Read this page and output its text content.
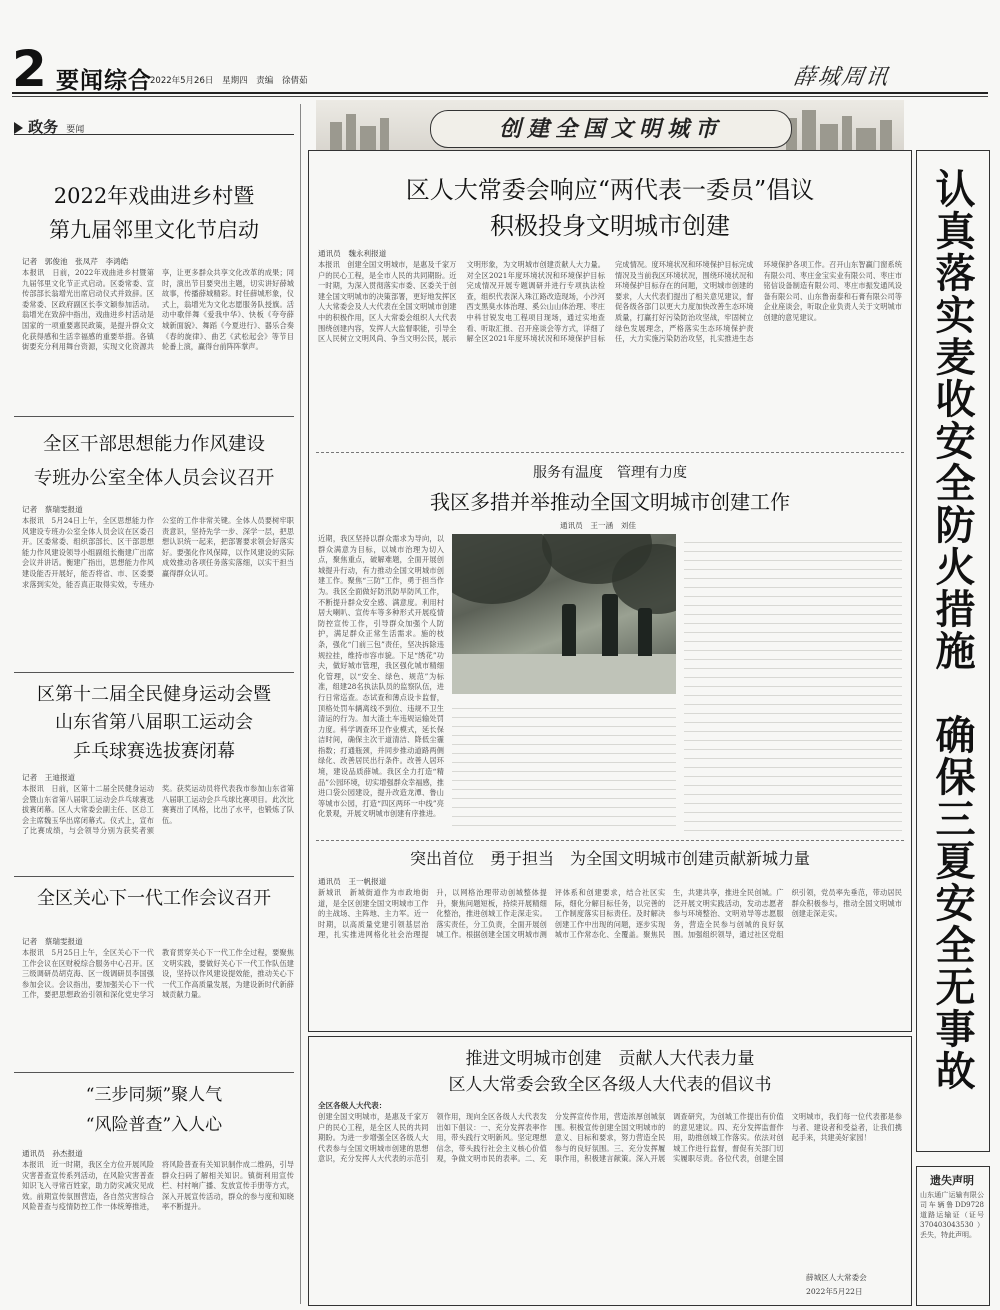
2 要闻综合
2022年5月26日 星期四 责编 徐倩茹	薛城周讯
政务 要闻
2022年戏曲进乡村暨
第九届邻里文化节启动
记者　郭俊池　张凤芹　李鸿皓
本报讯　日前，2022年戏曲进乡村暨第九届邻里文化节正式启动。区委常委、宣传部部长翁增光出席启动仪式并致辞。区委常委、区政府副区长李文颖参加活动。翁增光在致辞中指出，戏曲进乡村活动是国家的一项重要惠民政策，是提升群众文化获得感和生活幸福感的重要举措。各镇街要充分利用舞台资源，实现文化资源共享，让更多群众共享文化改革的成果；同时，演出节目要突出主题，切实讲好薛城故事，传播薛城精彩。时任薛城形象，仪式上，翁增光为文化志愿服务队授旗。活动中歌伴舞《爱我中华》、快板《夸夸薛城新面貌》、舞蹈《今夏进行》、器乐合奏《春的旋律》、曲艺《武松起会》等节目轮番上演，赢得台前阵阵掌声。
全区干部思想能力作风建设
专班办公室全体人员会议召开
记者　蔡瑞雯报道
本报讯　5月24日上午，全区思想能力作风建设专班办公室全体人员会议在区委召开。区委常委、组织部部长、区干部思想能力作风建设领导小组副组长衡建广出席会议并讲话。衡建广指出，思想能力作风建设能否开展好，能否将省、市、区委要求落到实处，能否真正取得实效，专班办公室的工作非常关键。全体人员要树牢职责意识，坚持先学一步、深学一层，把思想认识统一起来，把部署要求领会好落实好。要强化作风保障，以作风建设的实际成效推动各项任务落实落细，以实干担当赢得群众认可。
区第十二届全民健身运动会暨
山东省第八届职工运动会
乒乓球赛选拔赛闭幕
记者　王迪报道
本报讯　日前，区第十二届全民健身运动会暨山东省第八届职工运动会乒乓球赛选拔赛闭幕。区人大常委会副主任、区总工会主席魏玉华出席闭幕式。仪式上，宣布了比赛成绩，与会领导分别为获奖者颁奖。获奖运动员将代表我市参加山东省第八届职工运动会乒乓球比赛项目。此次比赛赛出了风格，比出了水平，也锻炼了队伍。
全区关心下一代工作会议召开
记者　蔡瑞雯报道
本报讯　5月25日上午，全区关心下一代工作会议在区财税综合服务中心召开。区三级调研员胡克海、区一级调研员李国强参加会议。会议指出，要加强关心下一代工作，要把思想政治引领和深化党史学习教育贯穿关心下一代工作全过程，要聚焦文明实践，要做好关心下一代工作队伍建设，坚持以作风建设提效能，推动关心下一代工作高质量发展，为建设新时代新薛城贡献力量。
“三步同频”聚人气
“风险普查”入人心
通讯员　孙杰报道
本报讯　近一时期，我区全方位开展风险灾害普查宣传系列活动，在风险灾害普查知识飞入寻常百姓家，助力防灾减灾见成效。前期宣传氛围营造，各自然灾害综合风险普查与疫情防控工作一体统筹推进，将风险普查有关知识制作成二维码，引导群众扫码了解相关知识。镇街利用宣传栏、村村响广播、发放宣传手册等方式，深入开展宣传活动，群众的参与度和知晓率不断提升。
创建全国文明城市
区人大常委会响应“两代表一委员”倡议
积极投身文明城市创建
通讯员　魏永利报道
本报讯　创建全国文明城市，是惠及千家万户的民心工程，是全市人民的共同期盼。近一时期，为深入贯彻落实市委、区委关于创建全国文明城市的决策部署，更好地发挥区人大常委会及人大代表在全国文明城市创建中的积极作用，区人大常委会组织人大代表围绕创建内容，发挥人大监督职能，引导全区人民树立文明风尚、争当文明公民，展示文明形象，为文明城市创建贡献人大力量。对全区2021年度环境状况和环境保护目标完成情况开展专题调研并进行专项执法检查，组织代表深入珠江路改造现场，小沙河西支黑臭水体治理、奚公山山体治理、枣庄中科甘锐发电工程项目现场，通过实地查看、听取汇报、召开座谈会等方式，详细了解全区2021年度环境状况和环境保护目标完成情况。度环境状况和环境保护目标完成情况及当前我区环境状况，围绕环境状况和环境保护目标存在的问题，文明城市创建的要求，人大代表们提出了相关意见建议，督促各级各部门以更大力度加快改善生态环境质量，打赢打好污染防治攻坚战，牢固树立绿色发展理念，严格落实生态环境保护责任，大力实施污染防治攻坚，扎实推进生态环境保护各项工作。召开山东智赢门窗系统有限公司、枣庄金宝实业有限公司、枣庄市铭信设备制造有限公司、枣庄市振发通风设备有限公司、山东鲁南泰和石膏有限公司等企业座谈会，听取企业负责人关于文明城市创建的意见建议。
服务有温度　管理有力度
我区多措并举推动全国文明城市创建工作
通讯员　王一涵　刘佳
近期，我区坚持以群众需求为导向，以群众满意为目标，以城市治理为切入点，聚焦重点，破解难题，全面开展创城提升行动，有力推动全国文明城市创建工作。聚焦“三防”工作，勇于担当作为。我区全面做好防汛防旱防风工作，不断提升群众安全感、满意度。利用村居大喇叭、宣传车等多种形式开展疫情防控宣传工作，引导群众加强个人防护，满足群众正常生活需求。施的枝条，强化“门前三包”责任，坚决拆除违规拉挂，维持市容市貌。下足“绣花”功夫，做好城市管理，我区强化城市精细化管理，以“安全、绿色、规范”为标准，组建28名执法队员的监察队伍，进行日常巡查。态试查和薄点设卡监督，顶格处罚车辆离线不到位、违规不卫生清运的行为。加大渣土车违规运输处罚力度。科学调查环卫作业模式，延长保洁时间，确保主次干道清洁、降低尘霾指数；打通瓶颈，并同步推动道路两侧绿化、改善居民出行条件。改善人居环境，建设品质薛城。我区全力打造“精品”公园环境，切实增强群众幸福感，推进口袋公园建设，提升改造龙潭、鲁山等城市公园，打造“四区两环一中线”亮化景观，开展文明城市创建有序推进。
突出首位　勇于担当　为全国文明城市创建贡献新城力量
通讯员　王一帆报道
新城讯　新城街道作为市政地街道，是全区创建全国文明城市工作的主战场、主阵地、主力军。近一时期，以高质量党建引领基层治理，扎实推进网格化社会治理提升，以网格治理带动创城整体提升，聚焦问题短板，持续开展精细化整治，推进创城工作走深走实。落实责任，分工负责，全面开展创城工作。根据创建全国文明城市测评体系和创建要求，结合社区实际，细化分解目标任务，以完善的工作制度落实目标责任。及时解决创建工作中出现的问题，逐步实现城市工作常态化、全覆盖。聚焦民生，共建共享，推进全民创城。广泛开展文明实践活动，发动志愿者参与环境整治、文明劝导等志愿服务，营造全民参与创城的良好氛围。加强组织领导，通过社区党组织引领，党员率先垂范，带动居民群众积极参与，推动全国文明城市创建走深走实。
推进文明城市创建　贡献人大代表力量
区人大常委会致全区各级人大代表的倡议书
全区各级人大代表：
创建全国文明城市，是惠及千家万户的民心工程，是全区人民的共同期盼。为进一步增强全区各级人大代表参与全国文明城市创建的思想意识，充分发挥人大代表的示范引领作用，现向全区各级人大代表发出如下倡议：一、充分发挥表率作用，带头践行文明新风。坚定理想信念，带头践行社会主义核心价值观，争做文明市民的表率。二、充分发挥宣传作用，营造浓厚创城氛围。积极宣传创建全国文明城市的意义、目标和要求，努力营造全民参与的良好氛围。三、充分发挥履职作用，积极建言献策。深入开展调查研究，为创城工作提出有价值的意见建议。四、充分发挥监督作用，助推创城工作落实。依法对创城工作进行监督，督促有关部门切实履职尽责。各位代表，创建全国文明城市，我们每一位代表都是参与者、建设者和受益者，让我们携起手来，共建美好家园！
薛城区人大常委会
2022年5月22日
认真落实麦收安全防火措施　确保三夏安全无事故
遗失声明
山东通广运输有限公司车辆鲁DD9728道路运输证（证号370403043530）丢失，特此声明。
